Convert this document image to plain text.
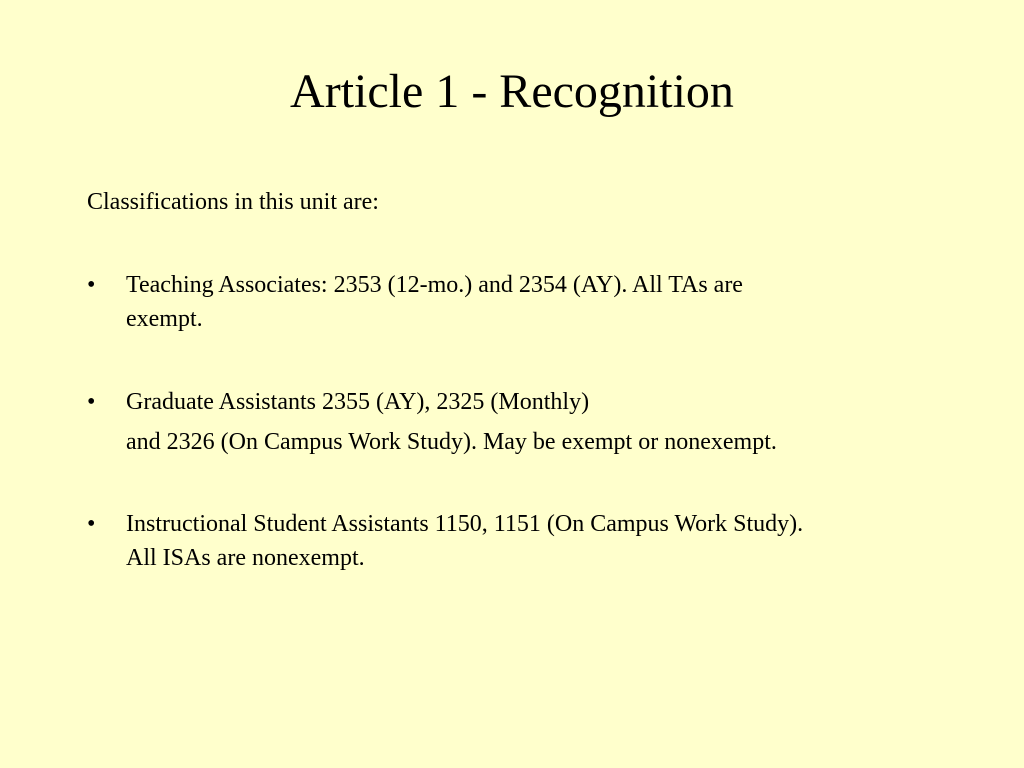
Article 1 - Recognition
Classifications in this unit are:
•	Teaching Associates: 2353 (12-mo.) and 2354 (AY). All TAs are
exempt.
•	Graduate Assistants 2355 (AY), 2325 (Monthly)
and 2326 (On Campus Work Study). May be exempt or nonexempt.
•	Instructional Student Assistants 1150, 1151 (On Campus Work Study).
All ISAs are nonexempt.
